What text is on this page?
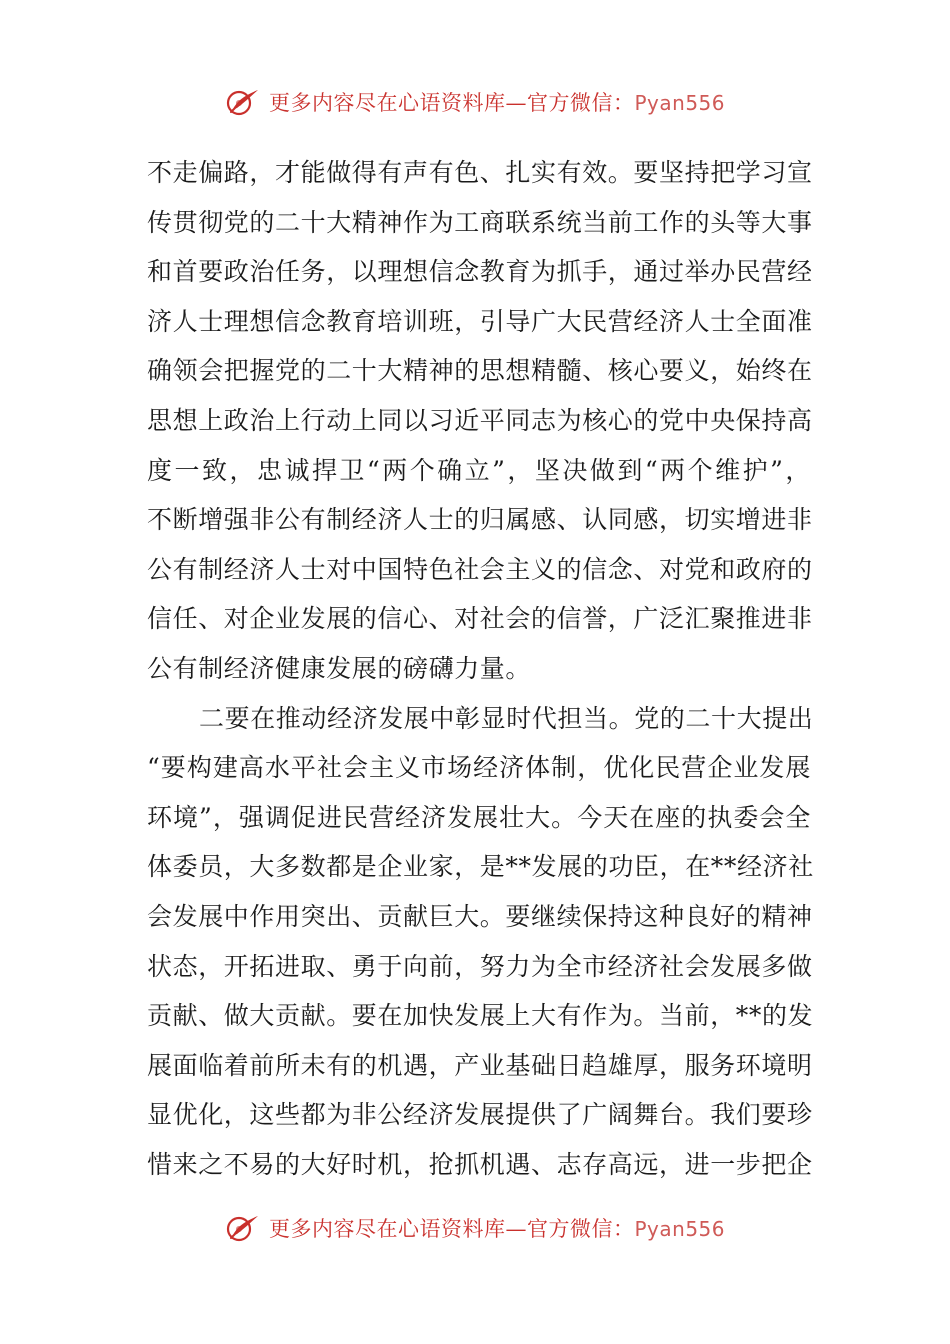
更多内容尽在心语资料库—官方微信：Pyan556
不走偏路，才能做得有声有色、扎实有效。要坚持把学习宣
传贯彻党的二十大精神作为工商联系统当前工作的头等大事
和首要政治任务，以理想信念教育为抓手，通过举办民营经
济人士理想信念教育培训班，引导广大民营经济人士全面准
确领会把握党的二十大精神的思想精髓、核心要义，始终在
思想上政治上行动上同以习近平同志为核心的党中央保持高
度一致，忠诚捍卫“两个确立”，坚决做到“两个维护”，
不断增强非公有制经济人士的归属感、认同感，切实增进非
公有制经济人士对中国特色社会主义的信念、对党和政府的
信任、对企业发展的信心、对社会的信誉，广泛汇聚推进非
公有制经济健康发展的磅礴力量。
二要在推动经济发展中彰显时代担当。党的二十大提出
“要构建高水平社会主义市场经济体制，优化民营企业发展
环境”，强调促进民营经济发展壮大。今天在座的执委会全
体委员，大多数都是企业家，是**发展的功臣，在**经济社
会发展中作用突出、贡献巨大。要继续保持这种良好的精神
状态，开拓进取、勇于向前，努力为全市经济社会发展多做
贡献、做大贡献。要在加快发展上大有作为。当前，**的发
展面临着前所未有的机遇，产业基础日趋雄厚，服务环境明
显优化，这些都为非公经济发展提供了广阔舞台。我们要珍
惜来之不易的大好时机，抢抓机遇、志存高远，进一步把企
更多内容尽在心语资料库—官方微信：Pyan556
